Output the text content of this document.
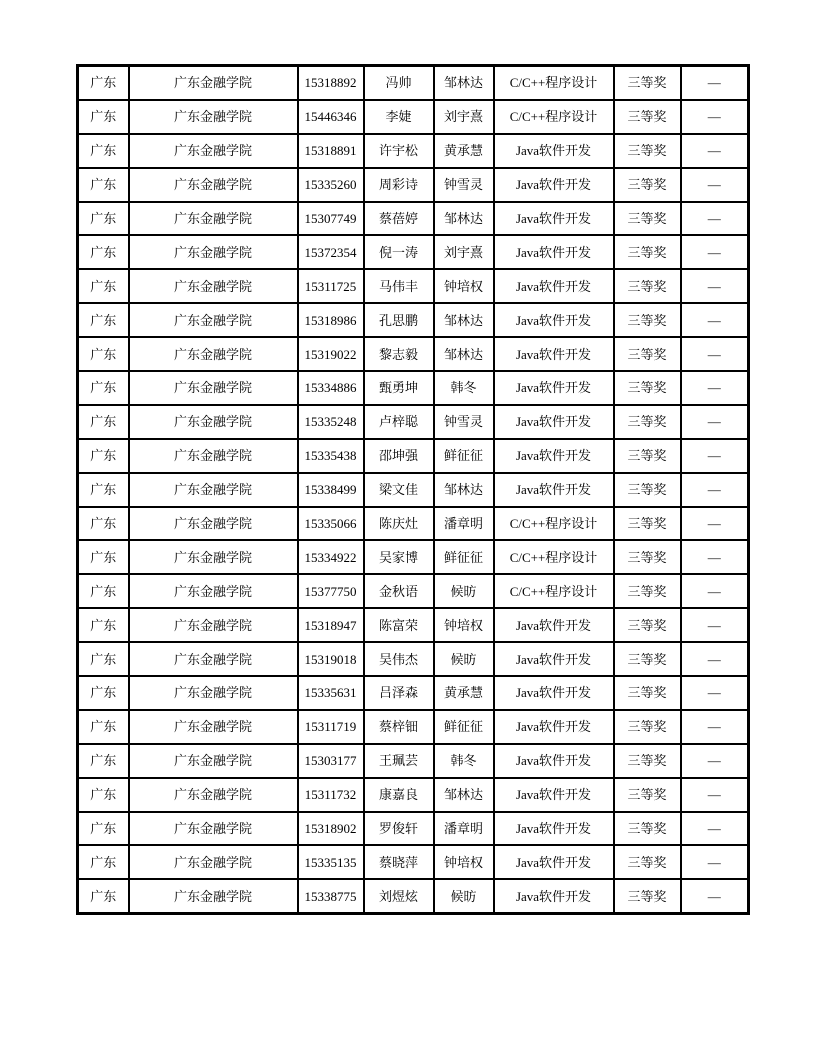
广东	广东金融学院	15318892	冯帅	邹林达	C/C++程序设计	三等奖	—
广东	广东金融学院	15446346	李婕	刘宇熹	C/C++程序设计	三等奖	—
广东	广东金融学院	15318891	许宇松	黄承慧	Java软件开发	三等奖	—
广东	广东金融学院	15335260	周彩诗	钟雪灵	Java软件开发	三等奖	—
广东	广东金融学院	15307749	蔡蓓婷	邹林达	Java软件开发	三等奖	—
广东	广东金融学院	15372354	倪一涛	刘宇熹	Java软件开发	三等奖	—
广东	广东金融学院	15311725	马伟丰	钟培权	Java软件开发	三等奖	—
广东	广东金融学院	15318986	孔思鹏	邹林达	Java软件开发	三等奖	—
广东	广东金融学院	15319022	黎志毅	邹林达	Java软件开发	三等奖	—
广东	广东金融学院	15334886	甄勇坤	韩冬	Java软件开发	三等奖	—
广东	广东金融学院	15335248	卢梓聪	钟雪灵	Java软件开发	三等奖	—
广东	广东金融学院	15335438	邵坤强	鲜征征	Java软件开发	三等奖	—
广东	广东金融学院	15338499	梁文佳	邹林达	Java软件开发	三等奖	—
广东	广东金融学院	15335066	陈庆灶	潘章明	C/C++程序设计	三等奖	—
广东	广东金融学院	15334922	吴家博	鲜征征	C/C++程序设计	三等奖	—
广东	广东金融学院	15377750	金秋语	候昉	C/C++程序设计	三等奖	—
广东	广东金融学院	15318947	陈富荣	钟培权	Java软件开发	三等奖	—
广东	广东金融学院	15319018	吴伟杰	候昉	Java软件开发	三等奖	—
广东	广东金融学院	15335631	吕泽森	黄承慧	Java软件开发	三等奖	—
广东	广东金融学院	15311719	蔡梓钿	鲜征征	Java软件开发	三等奖	—
广东	广东金融学院	15303177	王珮芸	韩冬	Java软件开发	三等奖	—
广东	广东金融学院	15311732	康嘉良	邹林达	Java软件开发	三等奖	—
广东	广东金融学院	15318902	罗俊轩	潘章明	Java软件开发	三等奖	—
广东	广东金融学院	15335135	蔡晓萍	钟培权	Java软件开发	三等奖	—
广东	广东金融学院	15338775	刘煜炫	候昉	Java软件开发	三等奖	—
